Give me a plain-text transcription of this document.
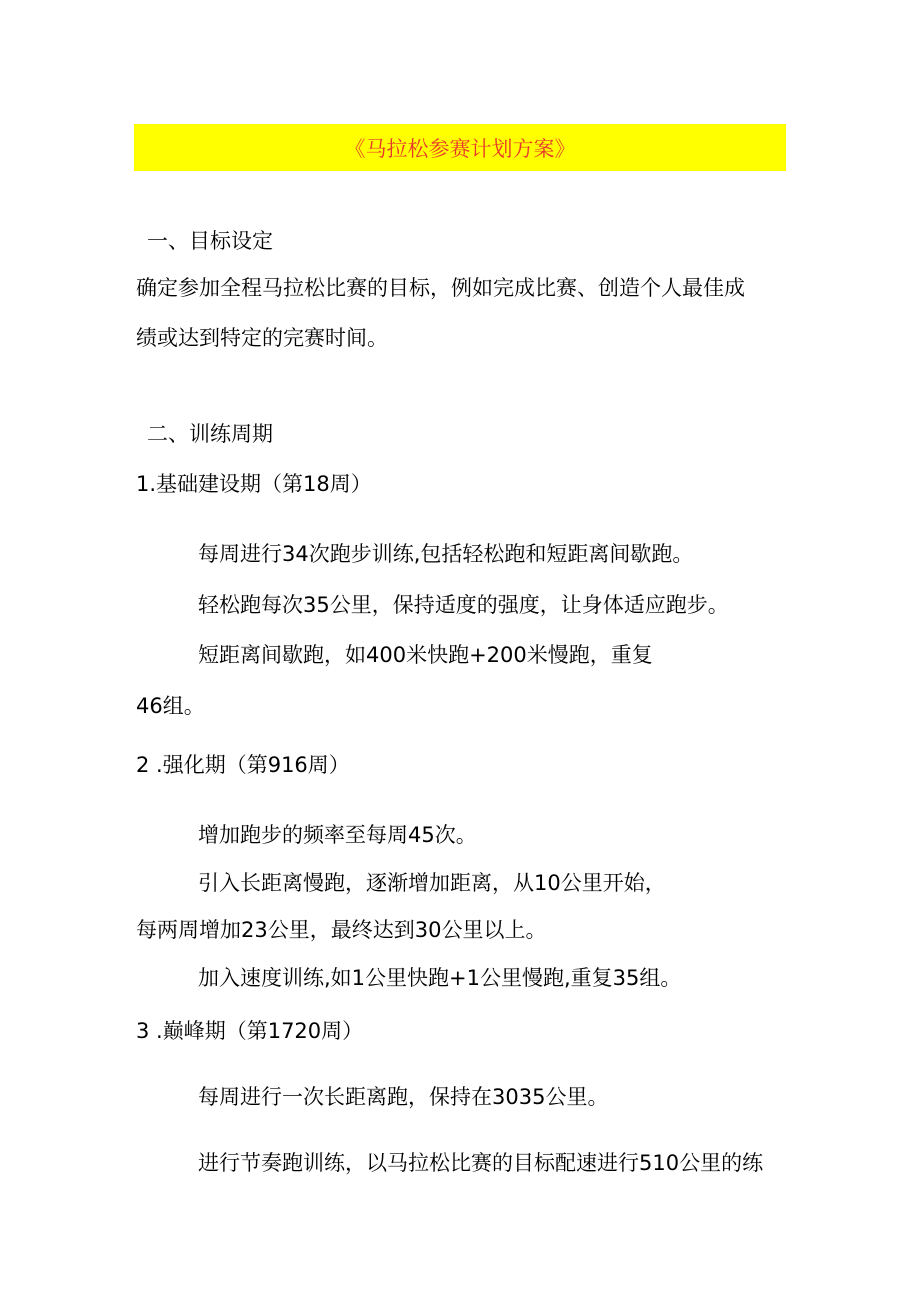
《马拉松参赛计划方案》
一、目标设定
确定参加全程马拉松比赛的目标，例如完成比赛、创造个人最佳成
绩或达到特定的完赛时间。
二、训练周期
1.基础建设期（第18周）
每周进行34次跑步训练,包括轻松跑和短距离间歇跑。
轻松跑每次35公里，保持适度的强度，让身体适应跑步。
短距离间歇跑，如400米快跑+200米慢跑，重复
46组。
2 .强化期（第916周）
增加跑步的频率至每周45次。
引入长距离慢跑，逐渐增加距离，从10公里开始，
每两周增加23公里，最终达到30公里以上。
加入速度训练,如1公里快跑+1公里慢跑,重复35组。
3 .巅峰期（第1720周）
每周进行一次长距离跑，保持在3035公里。
进行节奏跑训练，以马拉松比赛的目标配速进行510公里的练
